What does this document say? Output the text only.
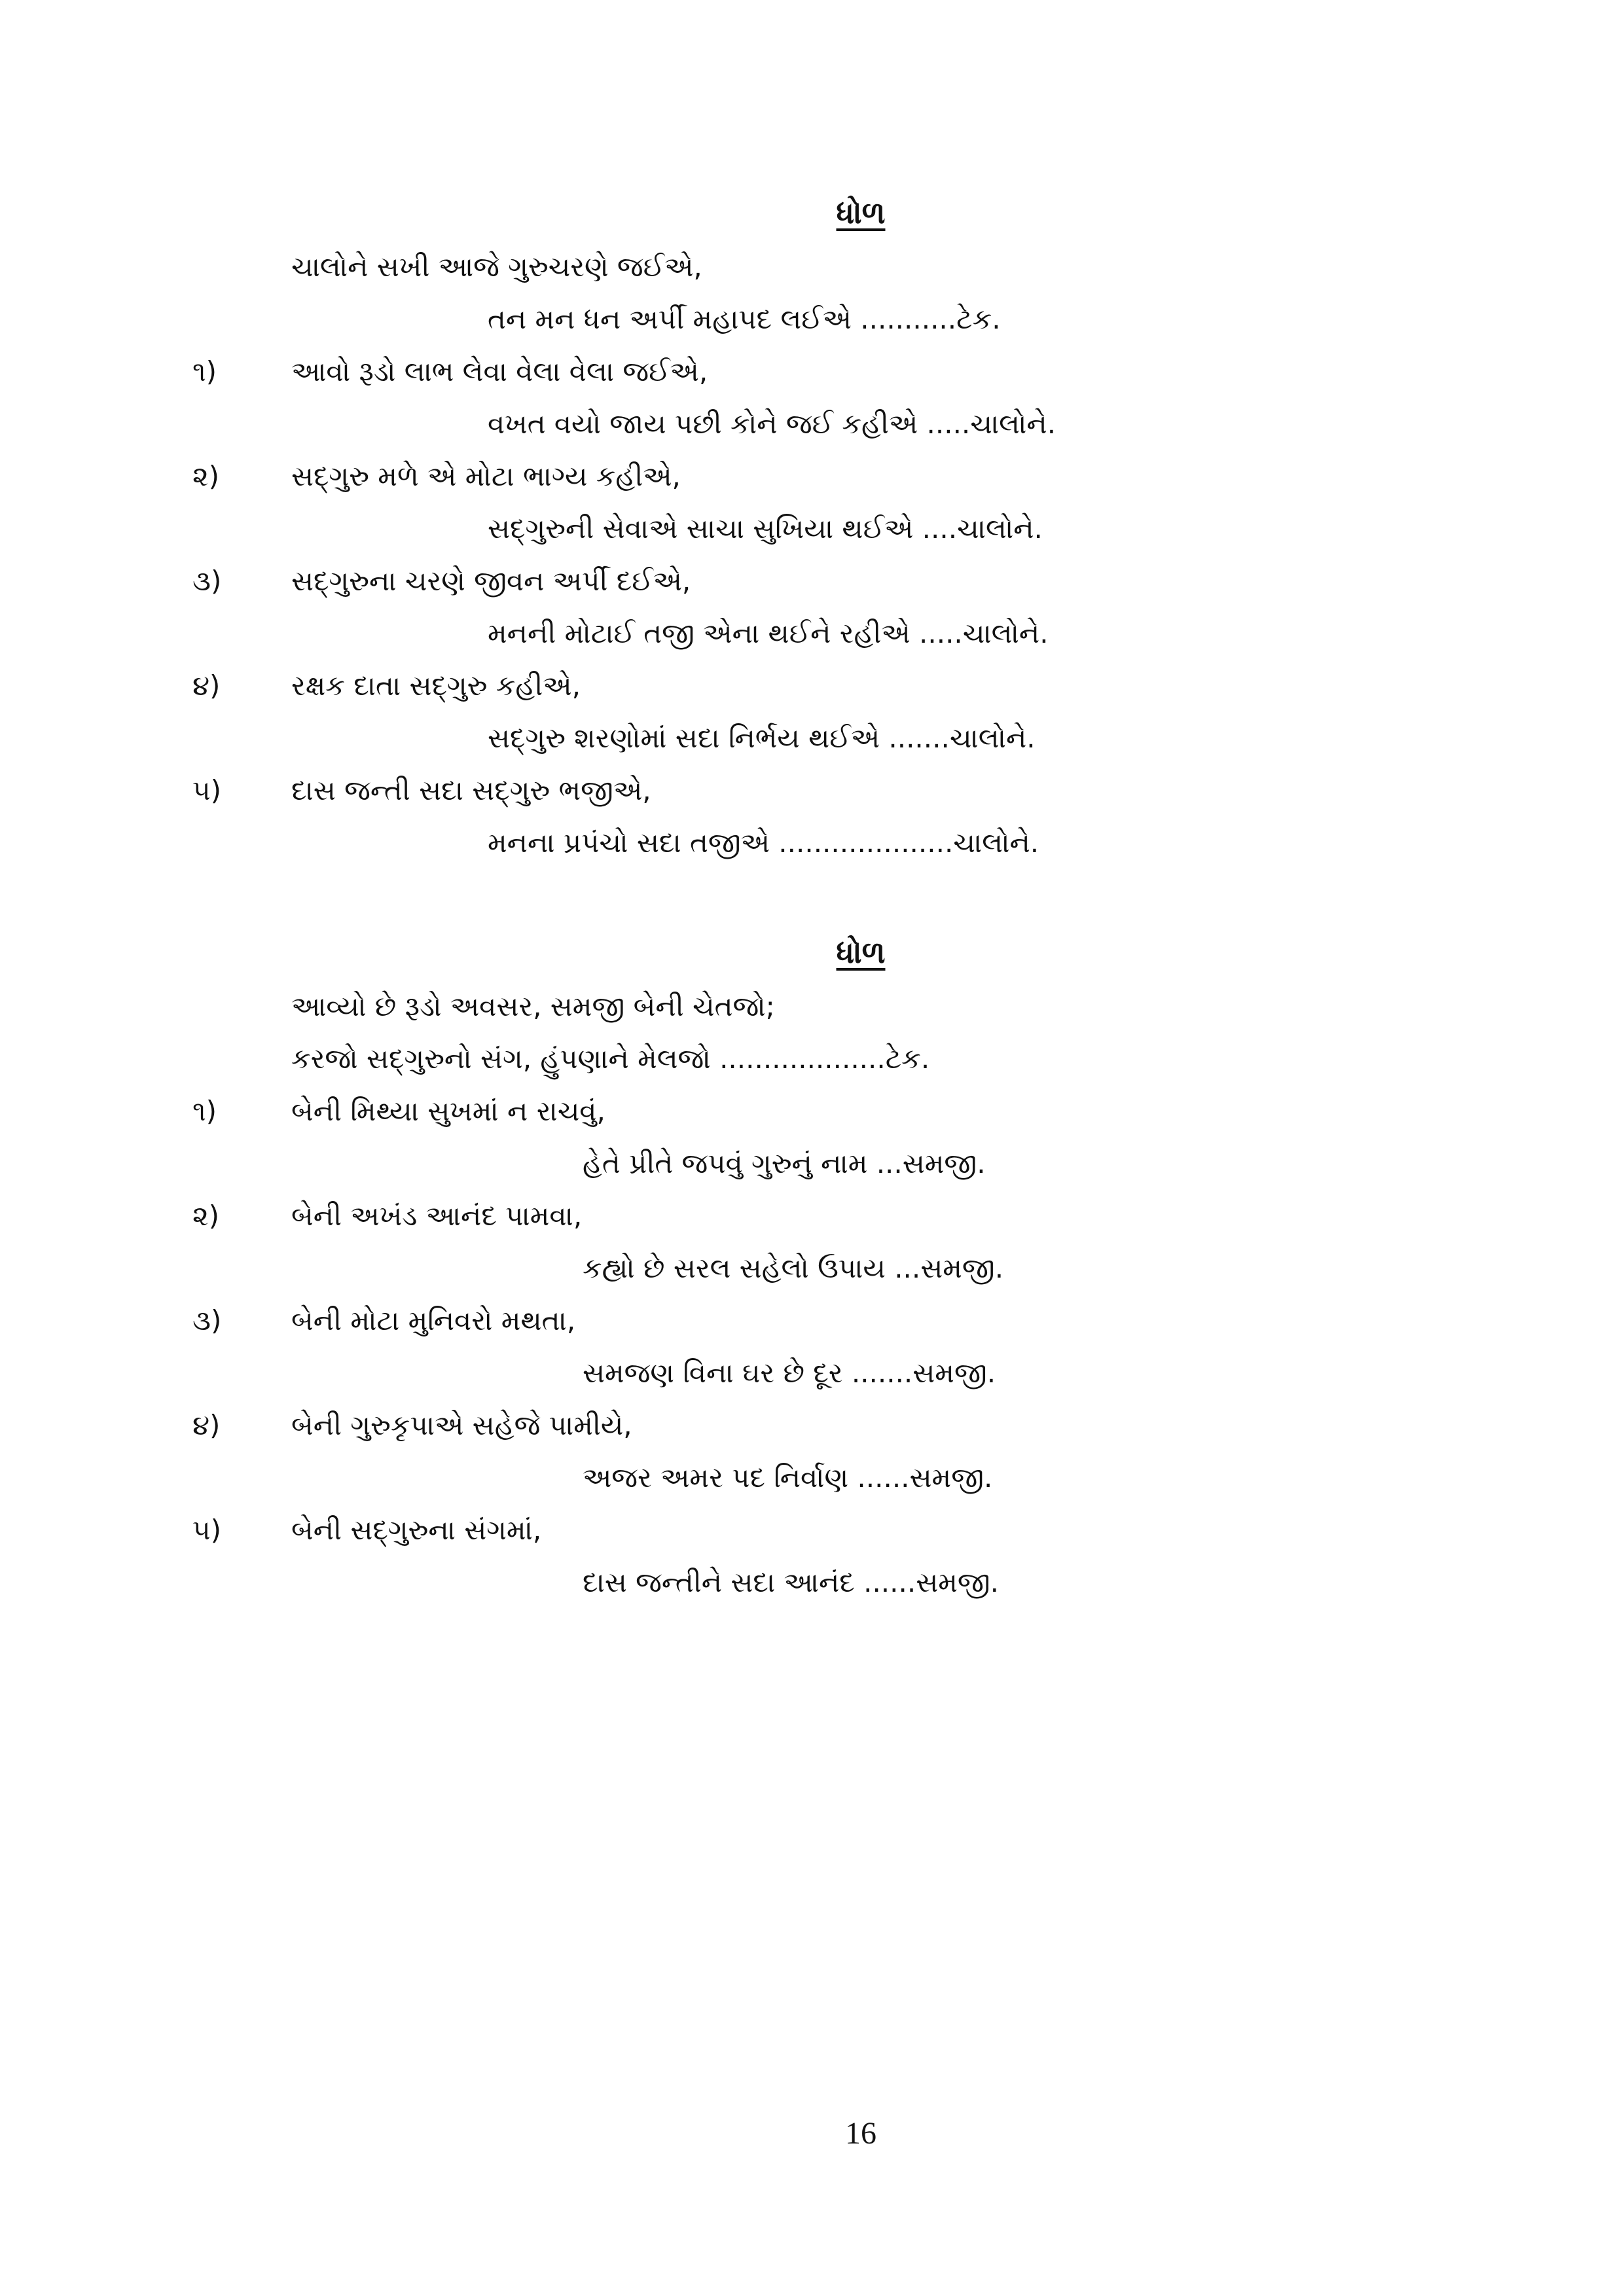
ધોળ
ચાલોને સખી આજે ગુરુચરણે જઈએ,
તન મન ધન અર્પી મહાપદ લઈએ ...........ટેક.
૧)	આવો રૂડો લાભ લેવા વેલા વેલા જઈએ,
વખત વયો જાય પછી કોને જઈ કહીએ .....ચાલોને.
૨)	સદ્‌ગુરુ મળે એ મોટા ભાગ્ય કહીએ,
સદ્‌ગુરુની સેવાએ સાચા સુખિયા થઈએ ....ચાલોને.
૩)	સદ્‌ગુરુના ચરણે જીવન અર્પી દઈએ,
મનની મોટાઈ તજી એના થઈને રહીએ .....ચાલોને.
૪)	રક્ષક દાતા સદ્‌ગુરુ કહીએ,
સદ્‌ગુરુ શરણોમાં સદા નિર્ભય થઈએ .......ચાલોને.
૫)	દાસ જન્તી સદા સદ્‌ગુરુ ભજીએ,
મનના પ્રપંચો સદા તજીએ ....................ચાલોને.
ધોળ
આવ્યો છે રૂડો અવસર, સમજી બેની ચેતજો;
કરજો સદ્‌ગુરુનો સંગ, હુંપણાને મેલજો ...................ટેક.
૧)	બેની મિથ્યા સુખમાં ન રાચવું,
હેતે પ્રીતે જપવું ગુરુનું નામ ...સમજી.
૨)	બેની અખંડ આનંદ પામવા,
કહ્યો છે સરલ સહેલો ઉપાય ...સમજી.
૩)	બેની મોટા મુનિવરો મથતા,
સમજણ વિના ઘર છે દૂર .......સમજી.
૪)	બેની ગુરુકૃપાએ સહેજે પામીયે,
અજર અમર પદ નિર્વાણ ......સમજી.
૫)	બેની સદ્‌ગુરુના સંગમાં,
દાસ જન્તીને સદા આનંદ ......સમજી.
16
